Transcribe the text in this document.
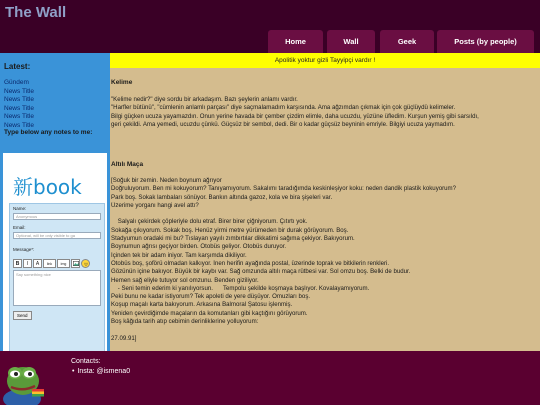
The Wall
Home	Wall	Geek	Posts (by people)
Latest:
Gündem
News Title
News Title
News Title
News Title
News Title
Type below any notes to me:
新book
Name:
Anonymous
Email:
Optional, will be only visible to ga
Message*:
B	I	A	link	img
Say something nice
Send
Apolitik yoktur gizli Tayyipçi vardır !
Kelime
"Kelime nedir?" diye sordu bir arkadaşım. Bazı şeylerin anlamı vardır.
"Harfler bütünü", "cümlenin anlamlı parçası" diye saçmalamadım karşısında. Ama ağzımdan çıkmak için çok güçlüydü kelimeler.
Bilgi güçken ucuza yayamazdın. Onun yerine havada bir çember çizdim elimle, daha ucuzdu, yüzüne üfledim. Kurşun yemiş gibi sarsıldı,
geri çekildi. Ama yemedi, ucuzdu çünkü. Güçsüz bir sembol, dedi. Bir o kadar güçsüz beyninin emriyle. Bilgiyi ucuza yaymadım.
Altılı Maça
[Soğuk bir zemin. Neden boynum ağrıyor
Doğruluyorum. Ben mi kokuyorum? Tanıyamıyorum. Sakalımı taradığımda keskinleşiyor koku: neden dandik plastik kokuyorum?
Park boş. Sokak lambaları sönüyor. Bankın altında gazoz, kola ve bira şişeleri var.
Üzerime yorganı hangi avel attı?
Salyalı çekirdek çöpleriyle dolu etraf. Birer birer çiğniyorum. Çıtırtı yok.
Sokağa çıkıyorum. Sokak boş. Henüz yirmi metre yürümeden bir durak görüyorum. Boş.
Stadyumun oradaki mi bu? Tıslayan yayılı zımbırtılar dikkatimi sağıma çekiyor. Bakıyorum.
Boynumun ağrısı geçiyor birden. Otobüs geliyor. Otobüs duruyor.
İçinden tek bir adam iniyor. Tam karşımda dikiliyor.
Otobüs boş, şoförü olmadan kalkıyor. İnen herifin ayağında postal, üzerinde toprak ve bitkilerin renkleri.
Gözünün içine bakıyor. Büyük bir kaybı var. Sağ omzunda altılı maça rütbesi var. Sol omzu boş. Belki de budur.
Hemen sağ eliyle tutuyor sol omzunu. Benden giziliyor.
- Seni temin ederim ki yanılıyorsun.      Tempolu şekilde koşmaya başlıyor. Kovalayamıyorum.
Peki bunu ne kadar istiyorum? Tek apoleti de yere düşüyor. Omuzları boş.
Koşup maçalı karta bakıyorum. Arkasına Balmoral Şatosu işlenmiş.
Yeniden çevirdiğimde maçaların da komutanları gibi kaçtığını görüyorum.
Boş kâğıda tarih atıp cebimin derinliklerine yolluyorum:
27.09.91]
Contacts:
• Insta: @ismena0
